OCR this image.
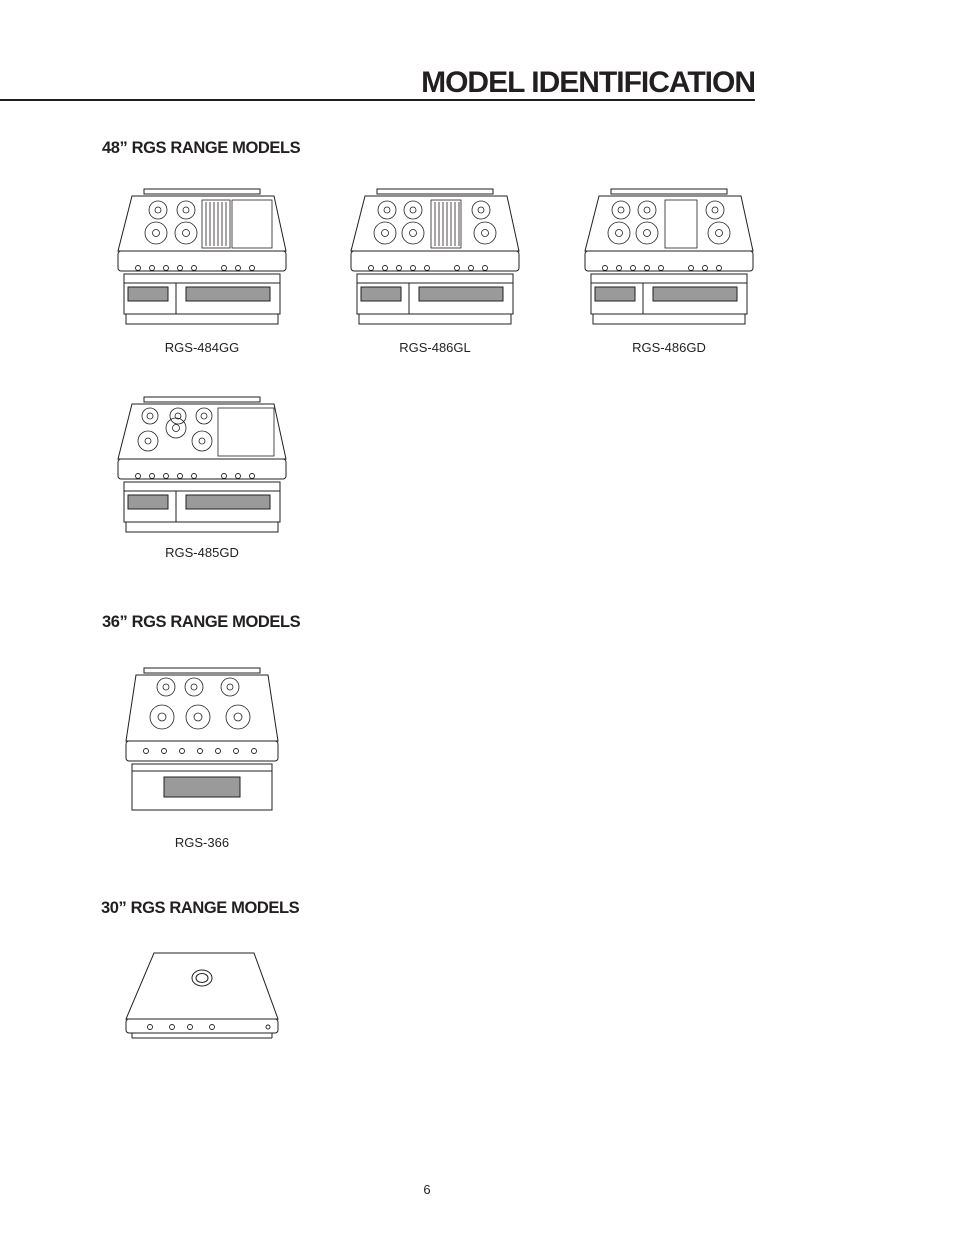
MODEL IDENTIFICATION
48” RGS RANGE MODELS
RGS-484GG	RGS-486GL	RGS-486GD
RGS-485GD
36” RGS RANGE MODELS
RGS-366
30” RGS RANGE MODELS
6
